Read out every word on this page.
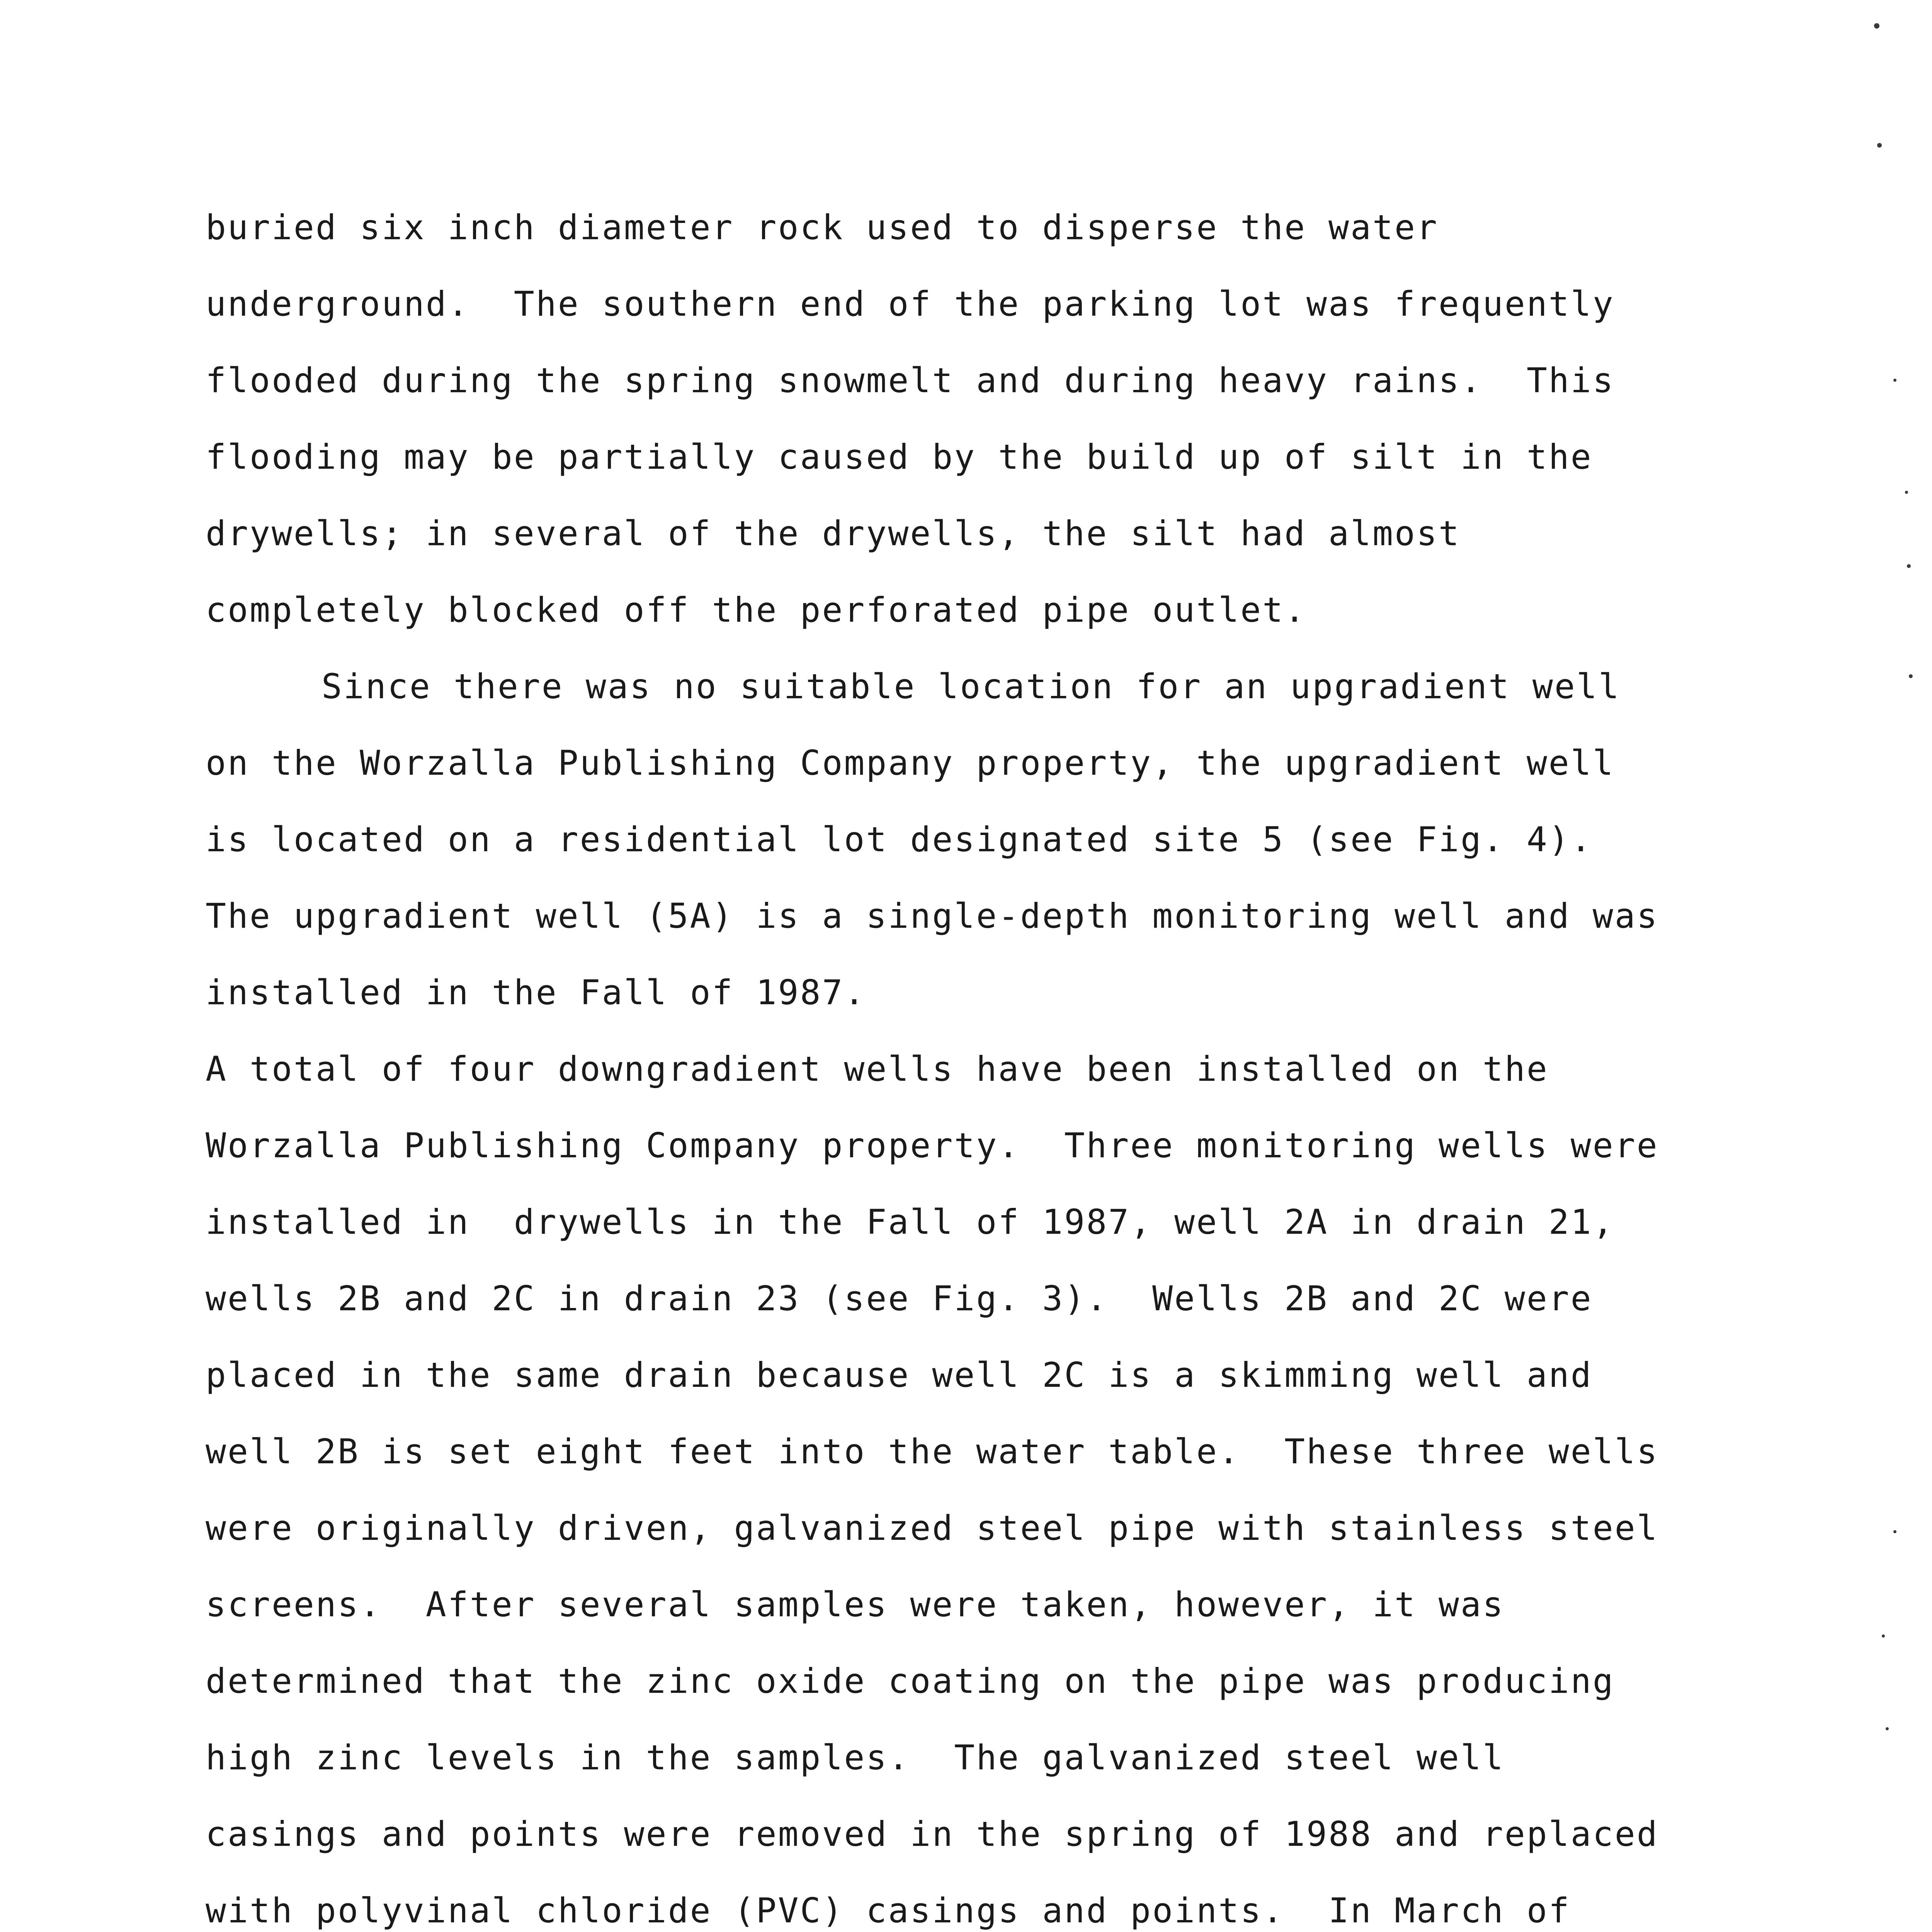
buried six inch diameter rock used to disperse the water
underground.  The southern end of the parking lot was frequently
flooded during the spring snowmelt and during heavy rains.  This
flooding may be partially caused by the build up of silt in the
drywells; in several of the drywells, the silt had almost
completely blocked off the perforated pipe outlet.
Since there was no suitable location for an upgradient well
on the Worzalla Publishing Company property, the upgradient well
is located on a residential lot designated site 5 (see Fig. 4).
The upgradient well (5A) is a single-depth monitoring well and was
installed in the Fall of 1987.
A total of four downgradient wells have been installed on the
Worzalla Publishing Company property.  Three monitoring wells were
installed in  drywells in the Fall of 1987, well 2A in drain 21,
wells 2B and 2C in drain 23 (see Fig. 3).  Wells 2B and 2C were
placed in the same drain because well 2C is a skimming well and
well 2B is set eight feet into the water table.  These three wells
were originally driven, galvanized steel pipe with stainless steel
screens.  After several samples were taken, however, it was
determined that the zinc oxide coating on the pipe was producing
high zinc levels in the samples.  The galvanized steel well
casings and points were removed in the spring of 1988 and replaced
with polyvinal chloride (PVC) casings and points.  In March of
